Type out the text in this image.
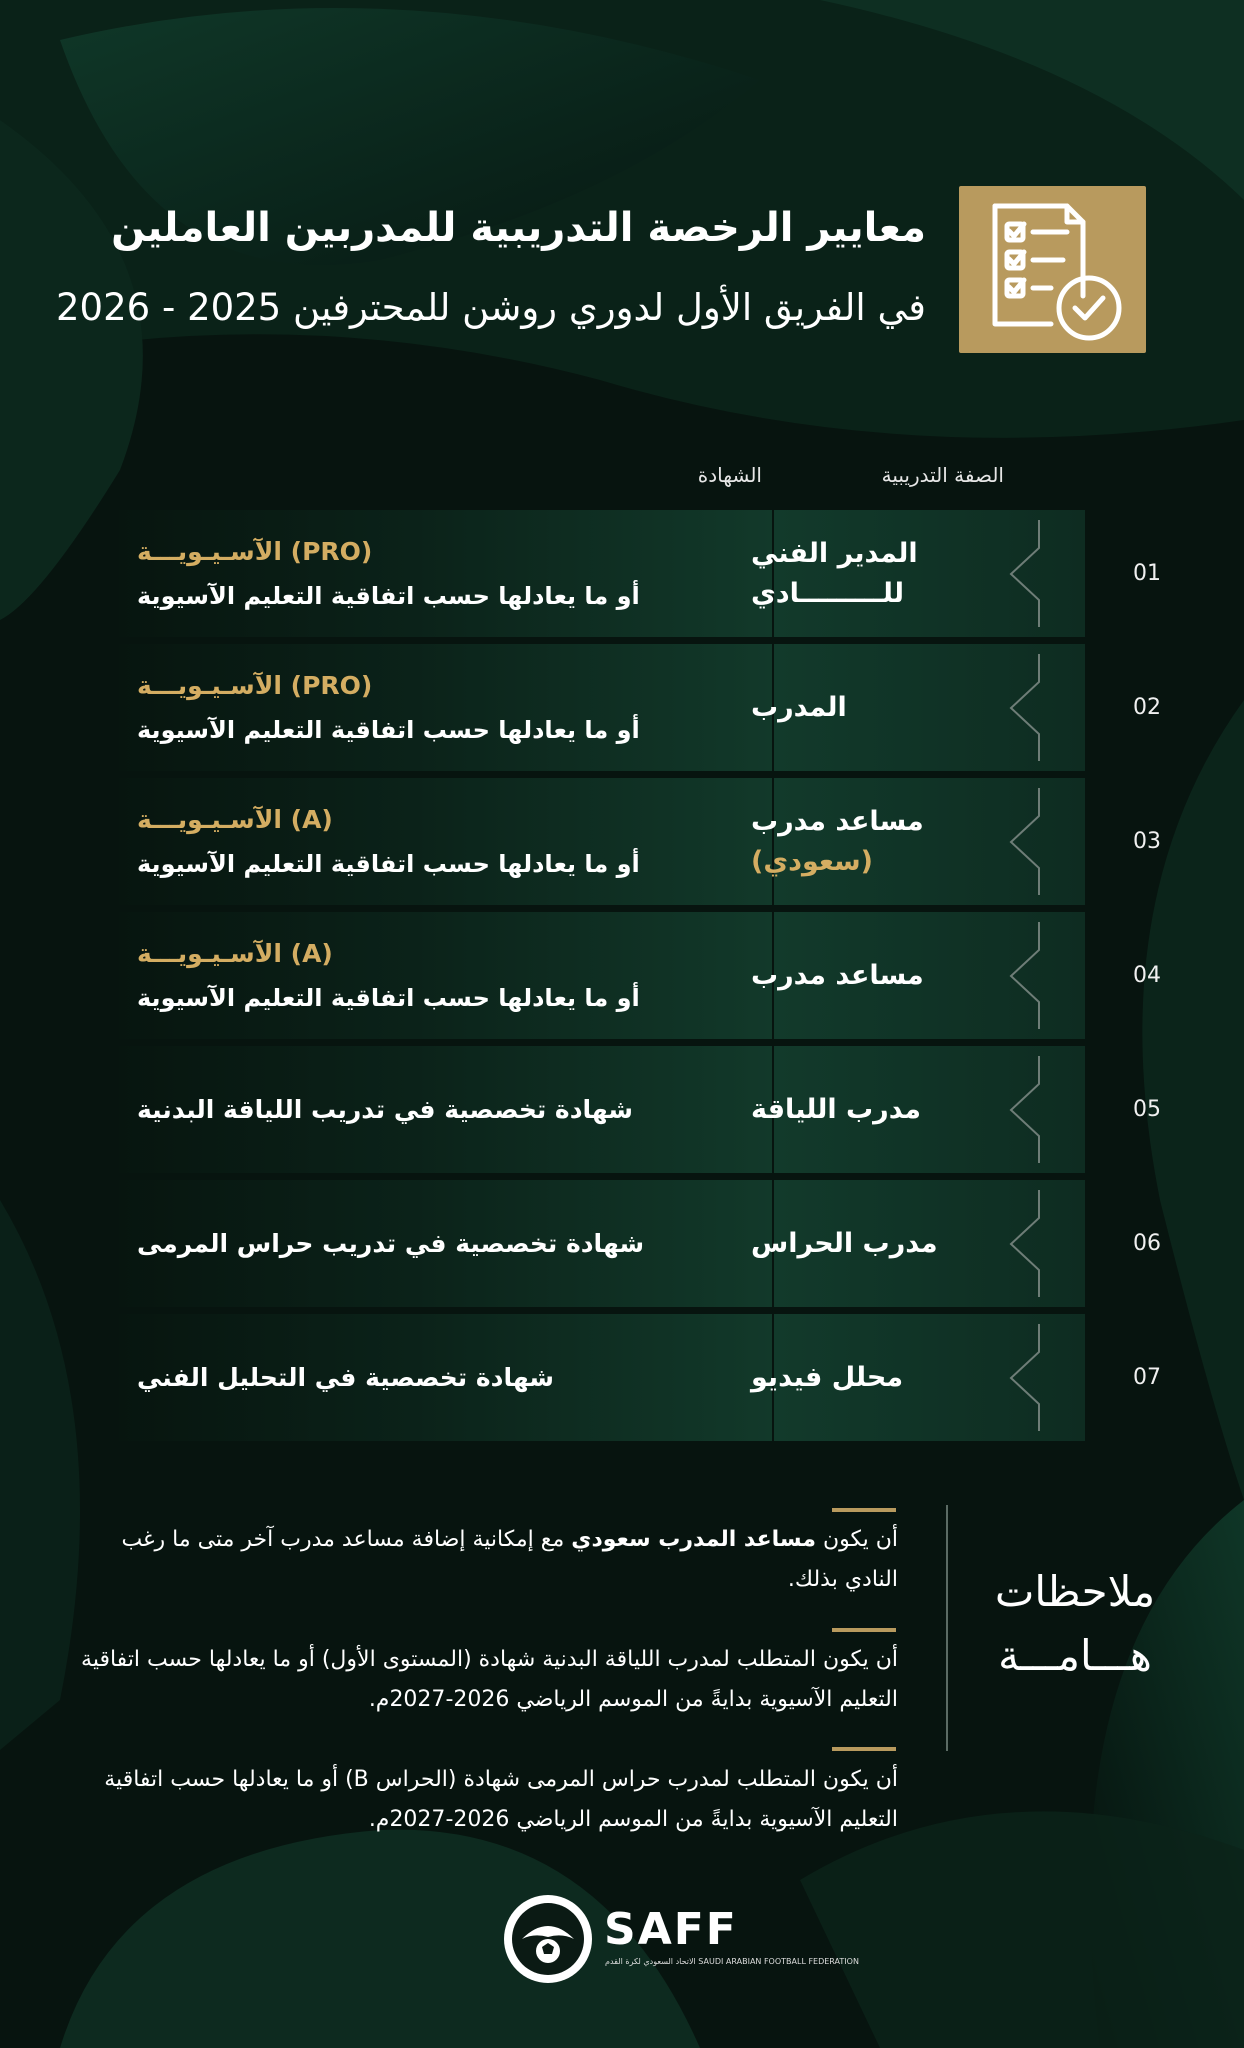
معايير الرخصة التدريبية للمدربين العاملين
في الفريق الأول لدوري روشن للمحترفين 2025 - 2026
الصفة التدريبية
الشهادة
01
المدير الفني
للـــــــــادي
(PRO) الآسـيـويـــة
أو ما يعادلها حسب اتفاقية التعليم الآسيوية
02
المدرب
(PRO) الآسـيـويـــة
أو ما يعادلها حسب اتفاقية التعليم الآسيوية
03
مساعد مدرب
(سعودي)
(A) الآسـيـويـــة
أو ما يعادلها حسب اتفاقية التعليم الآسيوية
04
مساعد مدرب
(A) الآسـيـويـــة
أو ما يعادلها حسب اتفاقية التعليم الآسيوية
05
مدرب اللياقة
شهادة تخصصية في تدريب اللياقة البدنية
06
مدرب الحراس
شهادة تخصصية في تدريب حراس المرمى
07
محلل فيديو
شهادة تخصصية في التحليل الفني
ملاحظات
هـــامـــة
أن يكون مساعد المدرب سعودي مع إمكانية إضافة مساعد مدرب آخر متى ما رغب النادي بذلك.
أن يكون المتطلب لمدرب اللياقة البدنية شهادة (المستوى الأول) أو ما يعادلها حسب اتفاقية التعليم الآسيوية بدايةً من الموسم الرياضي 2026-2027م.
أن يكون المتطلب لمدرب حراس المرمى شهادة (الحراس B) أو ما يعادلها حسب اتفاقية التعليم الآسيوية بدايةً من الموسم الرياضي 2026-2027م.
SAFF
الاتحاد السعودي لكرة القدم SAUDI ARABIAN FOOTBALL FEDERATION
